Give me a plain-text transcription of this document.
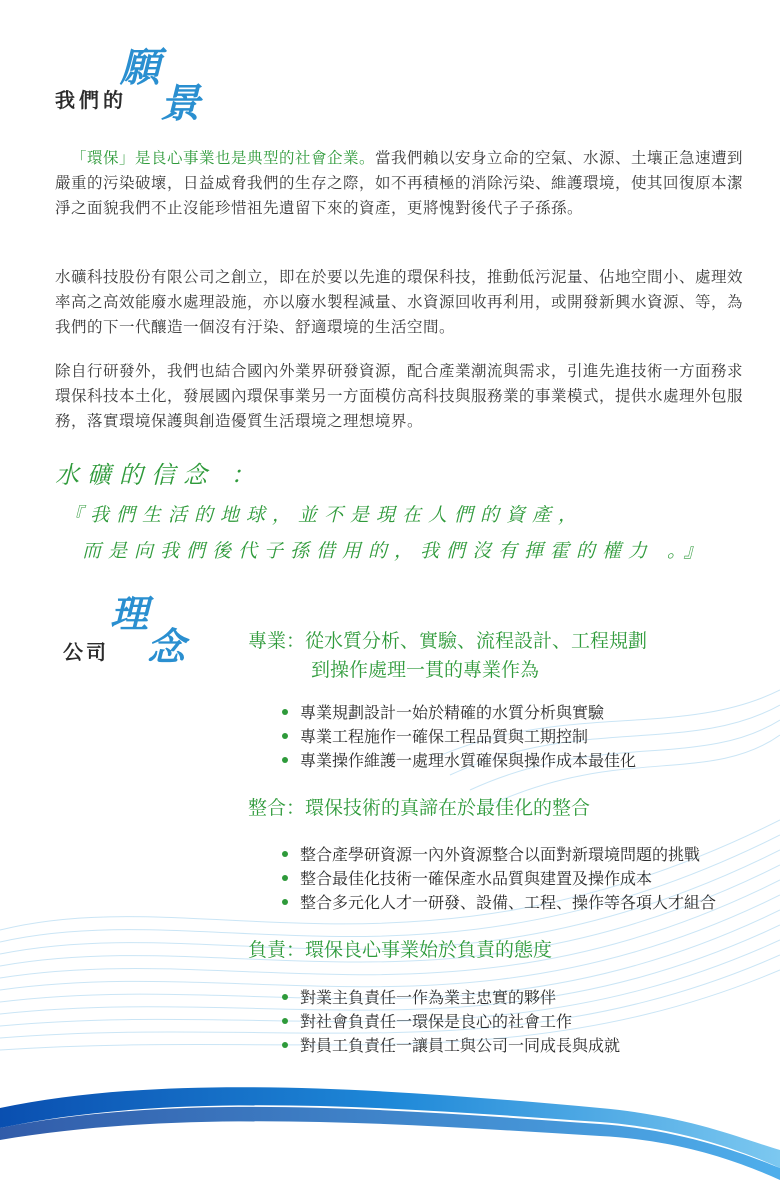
我們的
願
景

「環保」是良心事業也是典型的社會企業。當我們賴以安身立命的空氣、水源、土壤正急速遭到嚴重的污染破壞，日益威脅我們的生存之際，如不再積極的消除污染、維護環境，使其回復原本潔淨之面貌我們不止沒能珍惜祖先遺留下來的資產，更將愧對後代子子孫孫。

水礦科技股份有限公司之創立，即在於要以先進的環保科技，推動低污泥量、佔地空間小、處理效率高之高效能廢水處理設施，亦以廢水製程減量、水資源回收再利用，或開發新興水資源、等，為我們的下一代釀造一個沒有汙染、舒適環境的生活空間。

除自行研發外，我們也結合國內外業界研發資源，配合產業潮流與需求，引進先進技術一方面務求環保科技本土化，發展國內環保事業另一方面模仿高科技與服務業的事業模式，提供水處理外包服務，落實環境保護與創造優質生活環境之理想境界。

水礦的信念 ：
『我們生活的地球，並不是現在人們的資產，
而是向我們後代子孫借用的，我們沒有揮霍的權力 。』
公司
理
念	專業：從水質分析、實驗、流程設計、工程規劃
到操作處理一貫的專業作為
專業規劃設計一始於精確的水質分析與實驗
專業工程施作一確保工程品質與工期控制
專業操作維護一處理水質確保與操作成本最佳化
整合：環保技術的真諦在於最佳化的整合
整合產學研資源一內外資源整合以面對新環境問題的挑戰
整合最佳化技術一確保產水品質與建置及操作成本
整合多元化人才一研發、設備、工程、操作等各項人才組合
負責：環保良心事業始於負責的態度
對業主負責任一作為業主忠實的夥伴
對社會負責任一環保是良心的社會工作
對員工負責任一讓員工與公司一同成長與成就
